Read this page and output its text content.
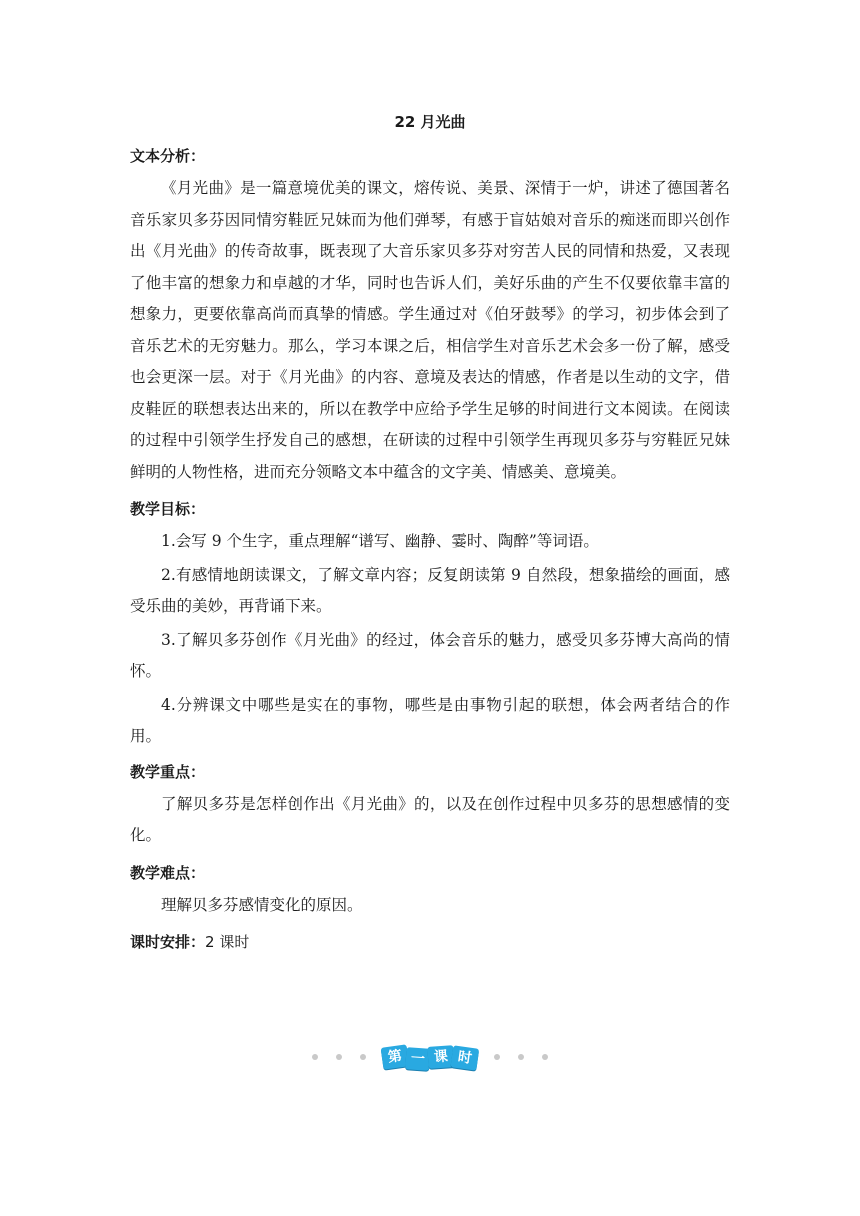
22 月光曲
文本分析：

《月光曲》是一篇意境优美的课文，熔传说、美景、深情于一炉，讲述了德国著名音乐家贝多芬因同情穷鞋匠兄妹而为他们弹琴，有感于盲姑娘对音乐的痴迷而即兴创作出《月光曲》的传奇故事，既表现了大音乐家贝多芬对穷苦人民的同情和热爱，又表现了他丰富的想象力和卓越的才华，同时也告诉人们，美好乐曲的产生不仅要依靠丰富的想象力，更要依靠高尚而真挚的情感。学生通过对《伯牙鼓琴》的学习，初步体会到了音乐艺术的无穷魅力。那么，学习本课之后，相信学生对音乐艺术会多一份了解，感受也会更深一层。对于《月光曲》的内容、意境及表达的情感，作者是以生动的文字，借皮鞋匠的联想表达出来的，所以在教学中应给予学生足够的时间进行文本阅读。在阅读的过程中引领学生抒发自己的感想，在研读的过程中引领学生再现贝多芬与穷鞋匠兄妹鲜明的人物性格，进而充分领略文本中蕴含的文字美、情感美、意境美。

教学目标：

1.会写 9 个生字，重点理解“谱写、幽静、霎时、陶醉”等词语。

2.有感情地朗读课文，了解文章内容；反复朗读第 9 自然段，想象描绘的画面，感受乐曲的美妙，再背诵下来。

3.了解贝多芬创作《月光曲》的经过，体会音乐的魅力，感受贝多芬博大高尚的情怀。

4.分辨课文中哪些是实在的事物，哪些是由事物引起的联想，体会两者结合的作用。

教学重点：

了解贝多芬是怎样创作出《月光曲》的，以及在创作过程中贝多芬的思想感情的变化。

教学难点：

理解贝多芬感情变化的原因。

课时安排：2 课时
第 一 课 时
